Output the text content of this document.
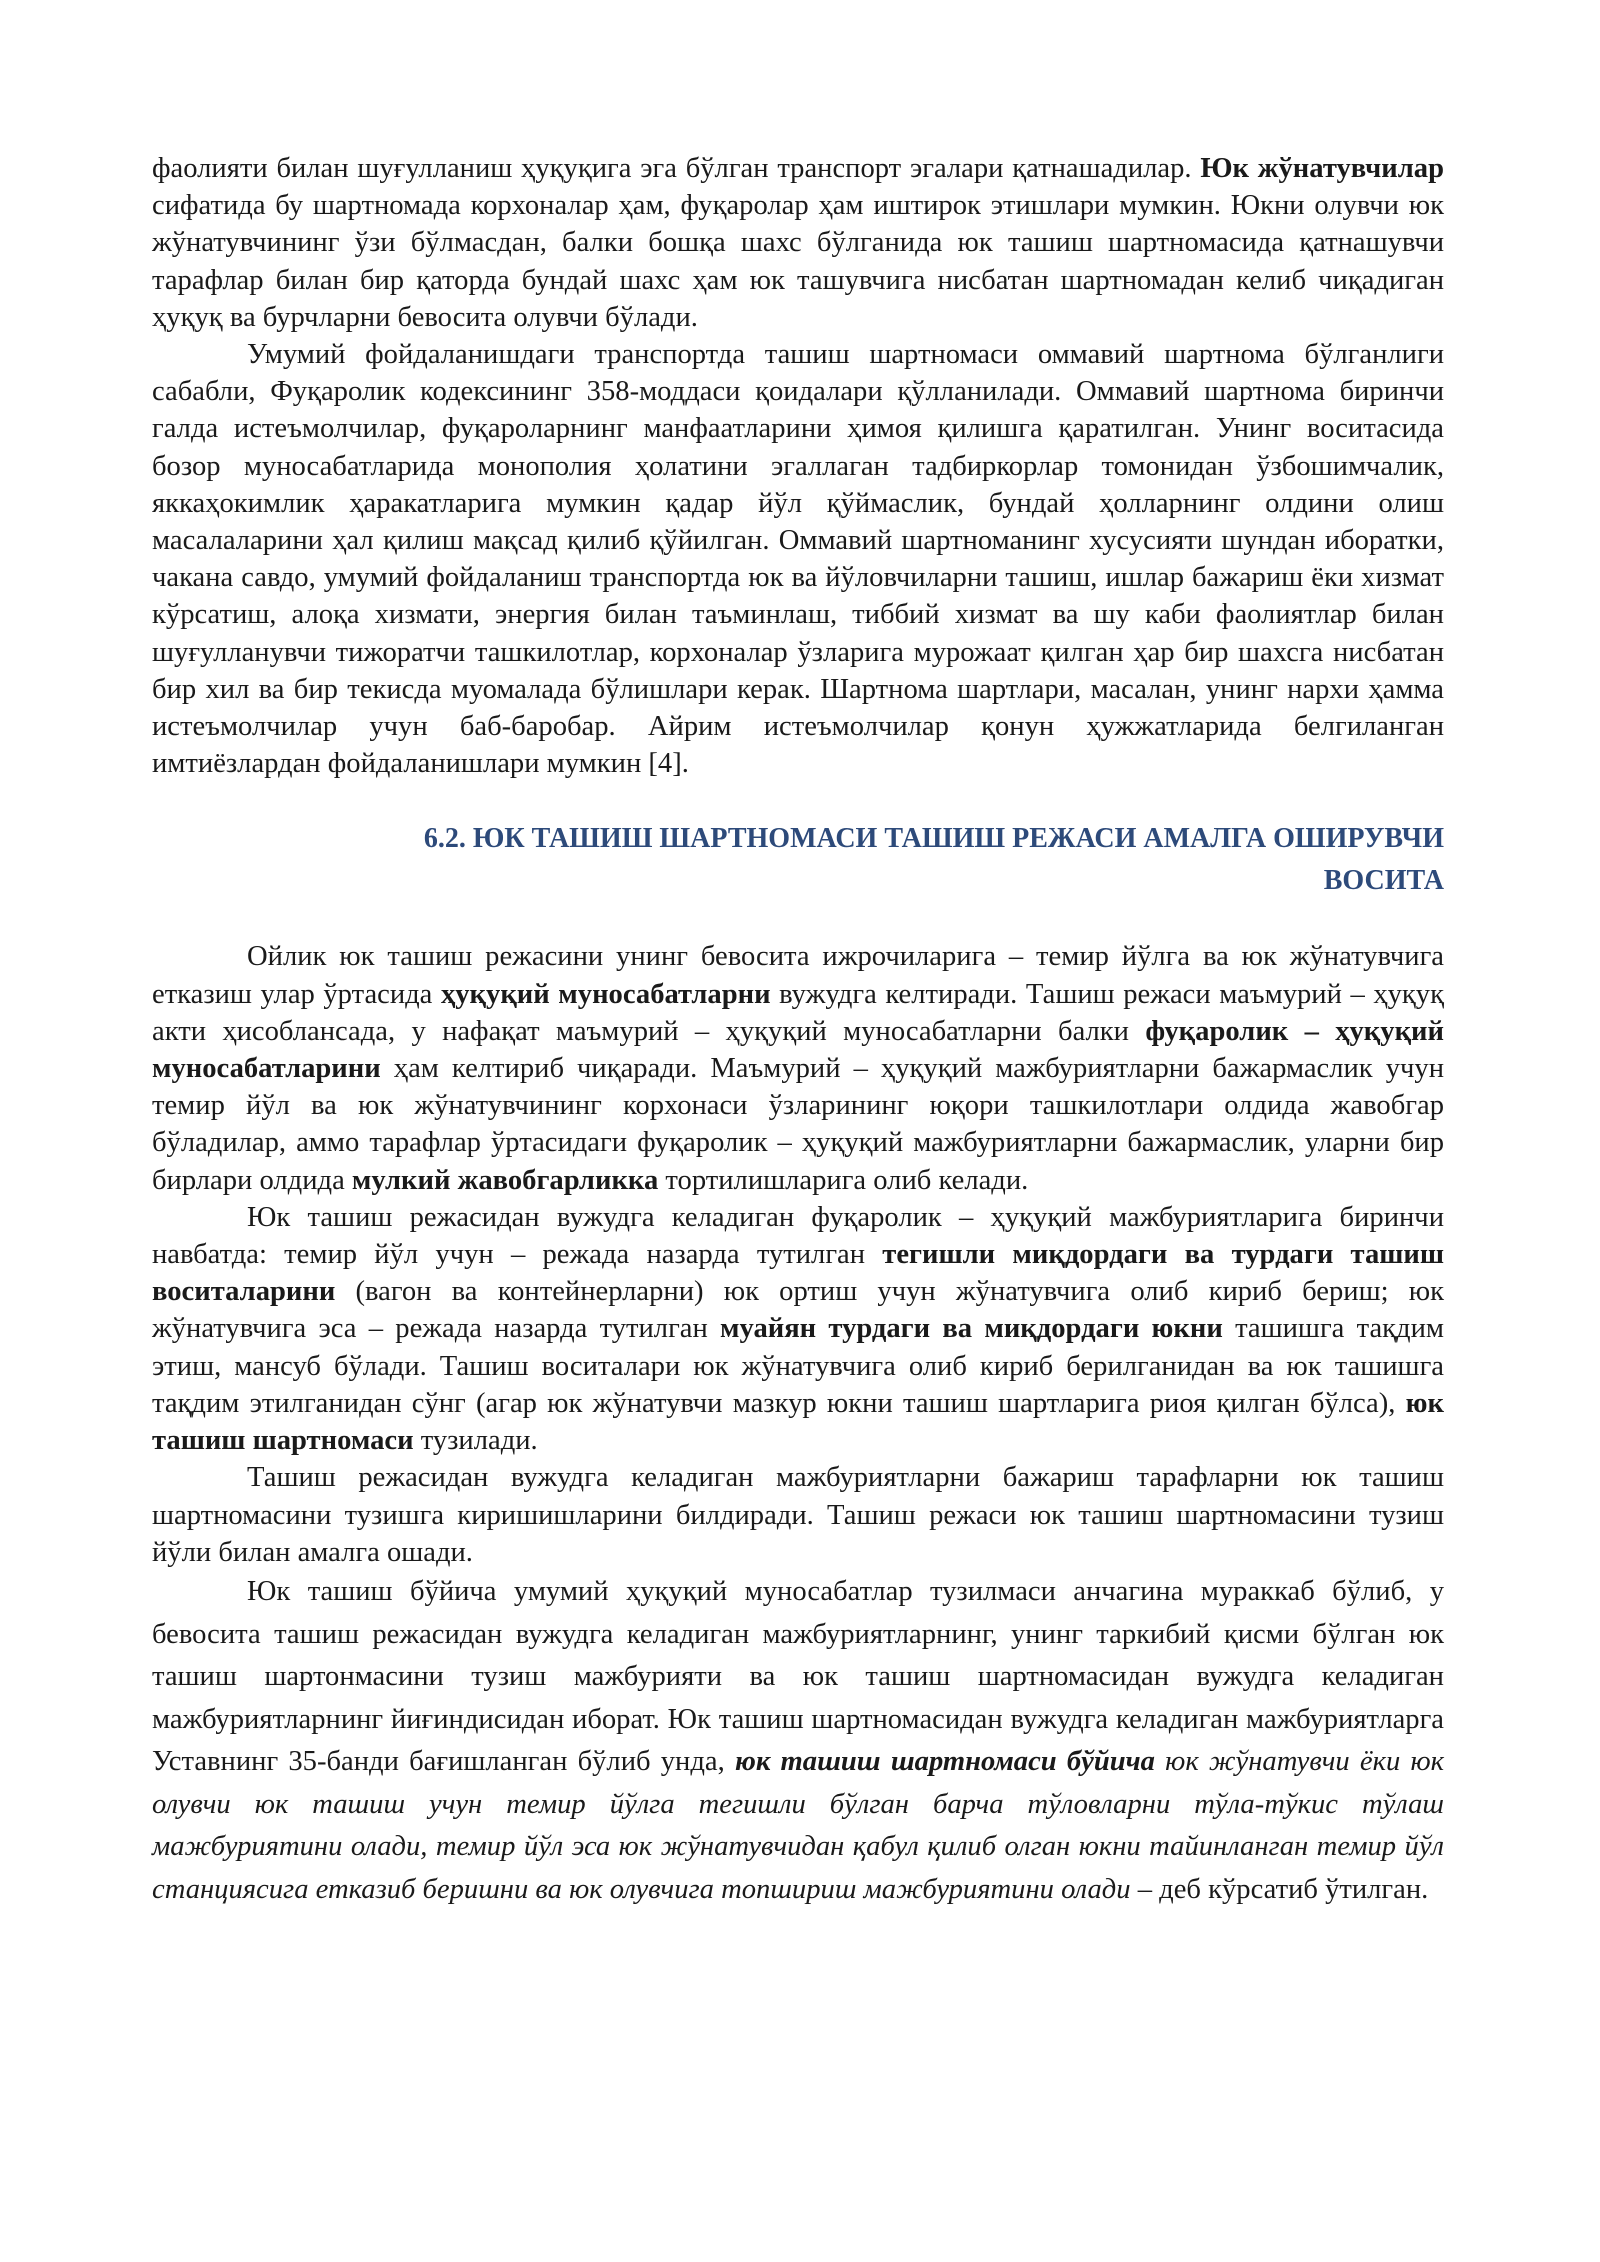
фаолияти билан шуғулланиш ҳуқуқига эга бўлган транспорт эгалари қатнашадилар. Юк жўнатувчилар сифатида бу шартномада корхоналар ҳам, фуқаролар ҳам иштирок этишлари мумкин. Юкни олувчи юк жўнатувчининг ўзи бўлмасдан, балки бошқа шахс бўлганида юк ташиш шартномасида қатнашувчи тарафлар билан бир қаторда бундай шахс ҳам юк ташувчига нисбатан шартномадан келиб чиқадиган ҳуқуқ ва бурчларни бевосита олувчи бўлади.

Умумий фойдаланишдаги транспортда ташиш шартномаси оммавий шартнома бўлганлиги сабабли, Фуқаролик кодексининг 358-моддаси қоидалари қўлланилади. Оммавий шартнома биринчи галда истеъмолчилар, фуқароларнинг манфаатларини ҳимоя қилишга қаратилган. Унинг воситасида бозор муносабатларида монополия ҳолатини эгаллаган тадбиркорлар томонидан ўзбошимчалик, яккаҳокимлик ҳаракатларига мумкин қадар йўл қўймаслик, бундай ҳолларнинг олдини олиш масалаларини ҳал қилиш мақсад қилиб қўйилган. Оммавий шартноманинг хусусияти шундан иборатки, чакана савдо, умумий фойдаланиш транспортда юк ва йўловчиларни ташиш, ишлар бажариш ёки хизмат кўрсатиш, алоқа хизмати, энергия билан таъминлаш, тиббий хизмат ва шу каби фаолиятлар билан шуғулланувчи тижоратчи ташкилотлар, корхоналар ўзларига мурожаат қилган ҳар бир шахсга нисбатан бир хил ва бир текисда муомалада бўлишлари керак. Шартнома шартлари, масалан, унинг нархи ҳамма истеъмолчилар учун баб-баробар. Айрим истеъмолчилар қонун ҳужжатларида белгиланган имтиёзлардан фойдаланишлари мумкин [4].

6.2. ЮК ТАШИШ ШАРТНОМАСИ ТАШИШ РЕЖАСИ АМАЛГА ОШИРУВЧИ
ВОСИТА

Ойлик юк ташиш режасини унинг бевосита ижрочиларига – темир йўлга ва юк жўнатувчига етказиш улар ўртасида ҳуқуқий муносабатларни вужудга келтиради. Ташиш режаси маъмурий – ҳуқуқ акти ҳисоблансада, у нафақат маъмурий – ҳуқуқий муносабатларни балки фуқаролик – ҳуқуқий муносабатларини ҳам келтириб чиқаради. Маъмурий – ҳуқуқий мажбуриятларни бажармаслик учун темир йўл ва юк жўнатувчининг корхонаси ўзларининг юқори ташкилотлари олдида жавобгар бўладилар, аммо тарафлар ўртасидаги фуқаролик – ҳуқуқий мажбуриятларни бажармаслик, уларни бир бирлари олдида мулкий жавобгарликка тортилишларига олиб келади.

Юк ташиш режасидан вужудга келадиган фуқаролик – ҳуқуқий мажбуриятларига биринчи навбатда: темир йўл учун – режада назарда тутилган тегишли миқдордаги ва турдаги ташиш воситаларини (вагон ва контейнерларни) юк ортиш учун жўнатувчига олиб кириб бериш; юк жўнатувчига эса – режада назарда тутилган муайян турдаги ва миқдордаги юкни ташишга тақдим этиш, мансуб бўлади. Ташиш воситалари юк жўнатувчига олиб кириб берилганидан ва юк ташишга тақдим этилганидан сўнг (агар юк жўнатувчи мазкур юкни ташиш шартларига риоя қилган бўлса), юк ташиш шартномаси тузилади.

Ташиш режасидан вужудга келадиган мажбуриятларни бажариш тарафларни юк ташиш шартномасини тузишга киришишларини билдиради. Ташиш режаси юк ташиш шартномасини тузиш йўли билан амалга ошади.

Юк ташиш бўйича умумий ҳуқуқий муносабатлар тузилмаси анчагина мураккаб бўлиб, у бевосита ташиш режасидан вужудга келадиган мажбуриятларнинг, унинг таркибий қисми бўлган юк ташиш шартонмасини тузиш мажбурияти ва юк ташиш шартномасидан вужудга келадиган мажбуриятларнинг йиғиндисидан иборат. Юк ташиш шартномасидан вужудга келадиган мажбуриятларга Уставнинг 35-банди бағишланган бўлиб унда, юк ташиш шартномаси бўйича юк жўнатувчи ёки юк олувчи юк ташиш учун темир йўлга тегишли бўлган барча тўловларни тўла-тўкис тўлаш мажбуриятини олади, темир йўл эса юк жўнатувчидан қабул қилиб олган юкни тайинланган темир йўл станциясига етказиб беришни ва юк олувчига топшириш мажбуриятини олади – деб кўрсатиб ўтилган.
